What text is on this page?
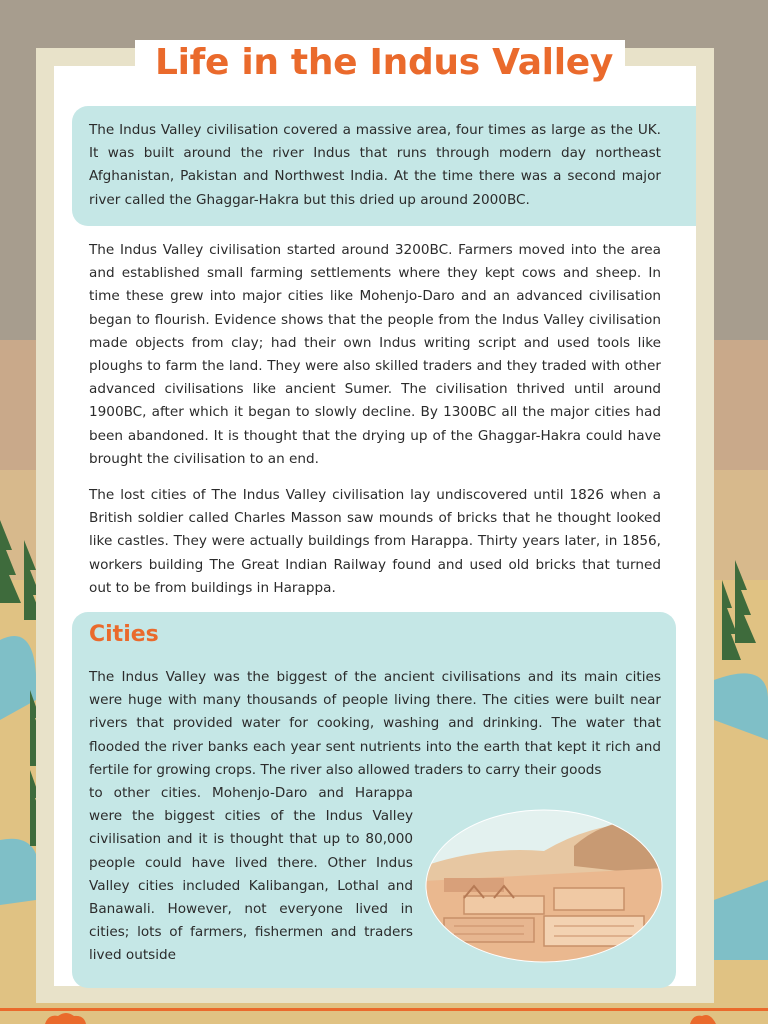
Life in the Indus Valley

The Indus Valley civilisation covered a massive area, four times as large as the UK. It was built around the river Indus that runs through modern day northeast Afghanistan, Pakistan and Northwest India. At the time there was a second major river called the Ghaggar-Hakra but this dried up around 2000BC.

The Indus Valley civilisation started around 3200BC. Farmers moved into the area and established small farming settlements where they kept cows and sheep. In time these grew into major cities like Mohenjo-Daro and an advanced civilisation began to flourish. Evidence shows that the people from the Indus Valley civilisation made objects from clay; had their own Indus writing script and used tools like ploughs to farm the land. They were also skilled traders and they traded with other advanced civilisations like ancient Sumer. The civilisation thrived until around 1900BC, after which it began to slowly decline. By 1300BC all the major cities had been abandoned. It is thought that the drying up of the Ghaggar-Hakra could have brought the civilisation to an end.

The lost cities of The Indus Valley civilisation lay undiscovered until 1826 when a British soldier called Charles Masson saw mounds of bricks that he thought looked like castles. They were actually buildings from Harappa. Thirty years later, in 1856, workers building The Great Indian Railway found and used old bricks that turned out to be from buildings in Harappa.

Cities

The Indus Valley was the biggest of the ancient civilisations and its main cities were huge with many thousands of people living there. The cities were built near rivers that provided water for cooking, washing and drinking. The water that flooded the river banks each year sent nutrients into the earth that kept it rich and fertile for growing crops. The river also allowed traders to carry their goods

to other cities. Mohenjo-Daro and Harappa were the biggest cities of the Indus Valley civilisation and it is thought that up to 80,000 people could have lived there. Other Indus Valley cities included Kalibangan, Lothal and Banawali. However, not everyone lived in cities; lots of farmers, fishermen and traders lived outside
